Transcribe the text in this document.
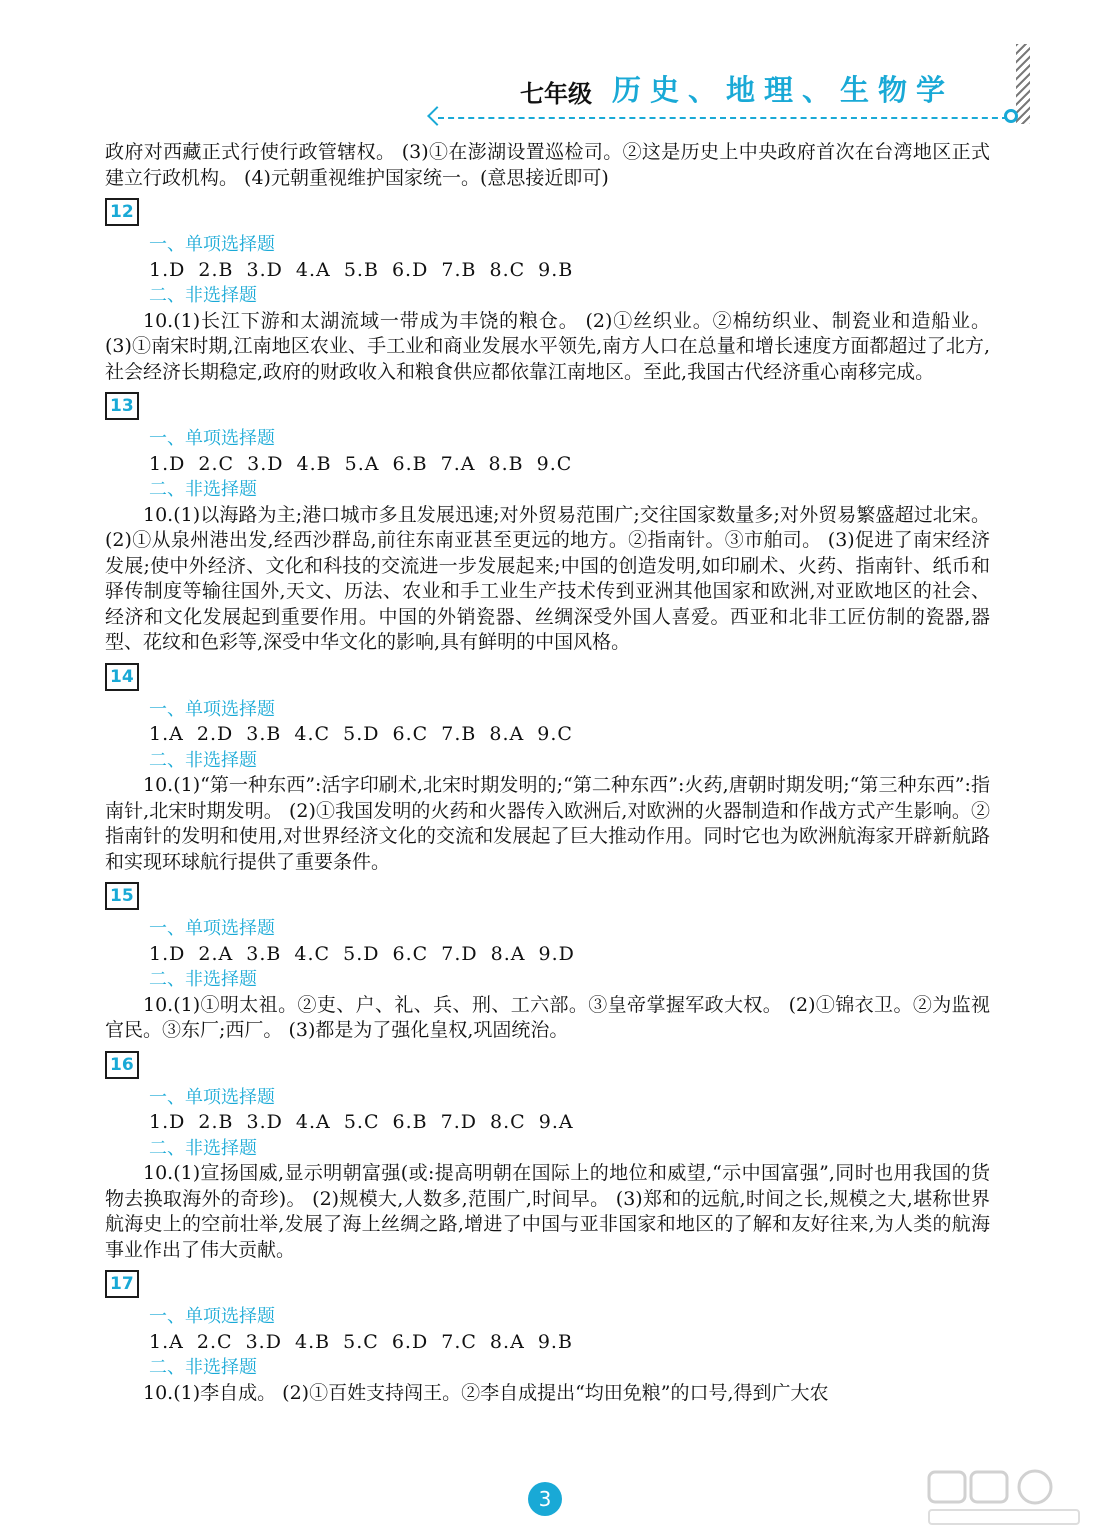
七年级 历史、地理、生物学

政府对西藏正式行使行政管辖权。 (3)①在澎湖设置巡检司。②这是历史上中央政府首次在台湾地区正式建立行政机构。 (4)元朝重视维护国家统一。(意思接近即可)

12
一、单项选择题
1.D 2.B 3.D 4.A 5.B 6.D 7.B 8.C 9.B
二、非选择题

10.(1)长江下游和太湖流域一带成为丰饶的粮仓。 (2)①丝织业。②棉纺织业、制瓷业和造船业。 (3)①南宋时期,江南地区农业、手工业和商业发展水平领先,南方人口在总量和增长速度方面都超过了北方,社会经济长期稳定,政府的财政收入和粮食供应都依靠江南地区。至此,我国古代经济重心南移完成。

13
一、单项选择题
1.D 2.C 3.D 4.B 5.A 6.B 7.A 8.B 9.C
二、非选择题

10.(1)以海路为主;港口城市多且发展迅速;对外贸易范围广;交往国家数量多;对外贸易繁盛超过北宋。 (2)①从泉州港出发,经西沙群岛,前往东南亚甚至更远的地方。②指南针。③市舶司。 (3)促进了南宋经济发展;使中外经济、文化和科技的交流进一步发展起来;中国的创造发明,如印刷术、火药、指南针、纸币和驿传制度等输往国外,天文、历法、农业和手工业生产技术传到亚洲其他国家和欧洲,对亚欧地区的社会、经济和文化发展起到重要作用。中国的外销瓷器、丝绸深受外国人喜爱。西亚和北非工匠仿制的瓷器,器型、花纹和色彩等,深受中华文化的影响,具有鲜明的中国风格。

14
一、单项选择题
1.A 2.D 3.B 4.C 5.D 6.C 7.B 8.A 9.C
二、非选择题

10.(1)“第一种东西”:活字印刷术,北宋时期发明的;“第二种东西”:火药,唐朝时期发明;“第三种东西”:指南针,北宋时期发明。 (2)①我国发明的火药和火器传入欧洲后,对欧洲的火器制造和作战方式产生影响。②指南针的发明和使用,对世界经济文化的交流和发展起了巨大推动作用。同时它也为欧洲航海家开辟新航路和实现环球航行提供了重要条件。

15
一、单项选择题
1.D 2.A 3.B 4.C 5.D 6.C 7.D 8.A 9.D
二、非选择题

10.(1)①明太祖。②吏、户、礼、兵、刑、工六部。③皇帝掌握军政大权。 (2)①锦衣卫。②为监视官民。③东厂;西厂。 (3)都是为了强化皇权,巩固统治。

16
一、单项选择题
1.D 2.B 3.D 4.A 5.C 6.B 7.D 8.C 9.A
二、非选择题

10.(1)宣扬国威,显示明朝富强(或:提高明朝在国际上的地位和威望,“示中国富强”,同时也用我国的货物去换取海外的奇珍)。 (2)规模大,人数多,范围广,时间早。 (3)郑和的远航,时间之长,规模之大,堪称世界航海史上的空前壮举,发展了海上丝绸之路,增进了中国与亚非国家和地区的了解和友好往来,为人类的航海事业作出了伟大贡献。

17
一、单项选择题
1.A 2.C 3.D 4.B 5.C 6.D 7.C 8.A 9.B
二、非选择题

10.(1)李自成。 (2)①百姓支持闯王。②李自成提出“均田免粮”的口号,得到广大农

3
